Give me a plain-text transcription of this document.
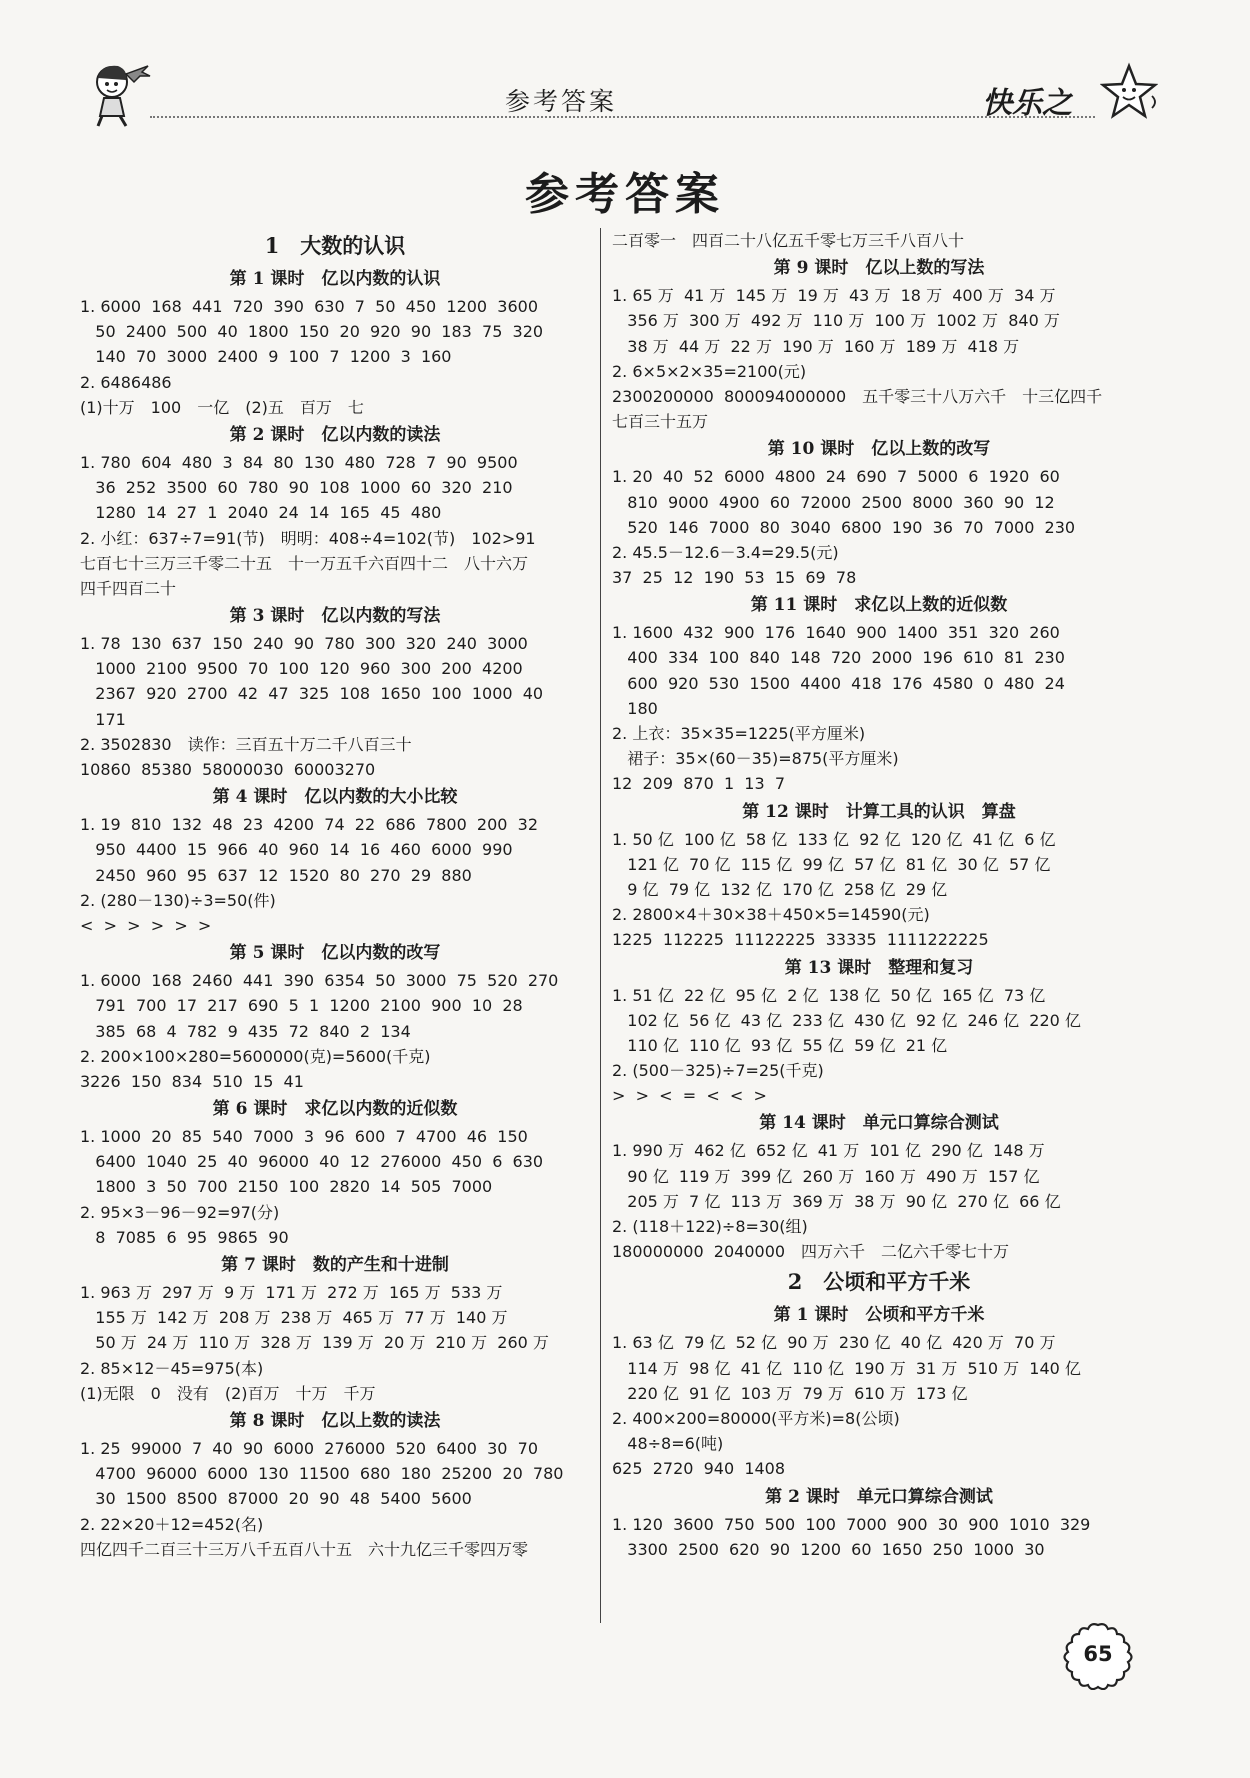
参考答案	快乐之
参考答案
1　大数的认识
第 1 课时　亿以内数的认识
1. 6000  168  441  720  390  630  7  50  450  1200  3600
50  2400  500  40  1800  150  20  920  90  183  75  320
140  70  3000  2400  9  100  7  1200  3  160
2. 6486486
(1)十万　100　一亿　(2)五　百万　七
第 2 课时　亿以内数的读法
1. 780  604  480  3  84  80  130  480  728  7  90  9500
36  252  3500  60  780  90  108  1000  60  320  210
1280  14  27  1  2040  24  14  165  45  480
2. 小红：637÷7=91(节)　明明：408÷4=102(节)　102>91
七百七十三万三千零二十五　十一万五千六百四十二　八十六万
四千四百二十
第 3 课时　亿以内数的写法
1. 78  130  637  150  240  90  780  300  320  240  3000
1000  2100  9500  70  100  120  960  300  200  4200
2367  920  2700  42  47  325  108  1650  100  1000  40
171
2. 3502830　读作：三百五十万二千八百三十
10860  85380  58000030  60003270
第 4 课时　亿以内数的大小比较
1. 19  810  132  48  23  4200  74  22  686  7800  200  32
950  4400  15  966  40  960  14  16  460  6000  990
2450  960  95  637  12  1520  80  270  29  880
2. (280－130)÷3=50(件)
<  >  >  >  >  >
第 5 课时　亿以内数的改写
1. 6000  168  2460  441  390  6354  50  3000  75  520  270
791  700  17  217  690  5  1  1200  2100  900  10  28
385  68  4  782  9  435  72  840  2  134
2. 200×100×280=5600000(克)=5600(千克)
3226  150  834  510  15  41
第 6 课时　求亿以内数的近似数
1. 1000  20  85  540  7000  3  96  600  7  4700  46  150
6400  1040  25  40  96000  40  12  276000  450  6  630
1800  3  50  700  2150  100  2820  14  505  7000
2. 95×3－96－92=97(分)
8  7085  6  95  9865  90
第 7 课时　数的产生和十进制
1. 963 万  297 万  9 万  171 万  272 万  165 万  533 万
155 万  142 万  208 万  238 万  465 万  77 万  140 万
50 万  24 万  110 万  328 万  139 万  20 万  210 万  260 万
2. 85×12－45=975(本)
(1)无限　0　没有　(2)百万　十万　千万
第 8 课时　亿以上数的读法
1. 25  99000  7  40  90  6000  276000  520  6400  30  70
4700  96000  6000  130  11500  680  180  25200  20  780
30  1500  8500  87000  20  90  48  5400  5600
2. 22×20＋12=452(名)
四亿四千二百三十三万八千五百八十五　六十九亿三千零四万零
二百零一　四百二十八亿五千零七万三千八百八十
第 9 课时　亿以上数的写法
1. 65 万  41 万  145 万  19 万  43 万  18 万  400 万  34 万
356 万  300 万  492 万  110 万  100 万  1002 万  840 万
38 万  44 万  22 万  190 万  160 万  189 万  418 万
2. 6×5×2×35=2100(元)
2300200000  800094000000　五千零三十八万六千　十三亿四千
七百三十五万
第 10 课时　亿以上数的改写
1. 20  40  52  6000  4800  24  690  7  5000  6  1920  60
810  9000  4900  60  72000  2500  8000  360  90  12
520  146  7000  80  3040  6800  190  36  70  7000  230
2. 45.5－12.6－3.4=29.5(元)
37  25  12  190  53  15  69  78
第 11 课时　求亿以上数的近似数
1. 1600  432  900  176  1640  900  1400  351  320  260
400  334  100  840  148  720  2000  196  610  81  230
600  920  530  1500  4400  418  176  4580  0  480  24
180
2. 上衣：35×35=1225(平方厘米)
裙子：35×(60－35)=875(平方厘米)
12  209  870  1  13  7
第 12 课时　计算工具的认识　算盘
1. 50 亿  100 亿  58 亿  133 亿  92 亿  120 亿  41 亿  6 亿
121 亿  70 亿  115 亿  99 亿  57 亿  81 亿  30 亿  57 亿
9 亿  79 亿  132 亿  170 亿  258 亿  29 亿
2. 2800×4＋30×38＋450×5=14590(元)
1225  112225  11122225  33335  1111222225
第 13 课时　整理和复习
1. 51 亿  22 亿  95 亿  2 亿  138 亿  50 亿  165 亿  73 亿
102 亿  56 亿  43 亿  233 亿  430 亿  92 亿  246 亿  220 亿
110 亿  110 亿  93 亿  55 亿  59 亿  21 亿
2. (500－325)÷7=25(千克)
>  >  <  =  <  <  >
第 14 课时　单元口算综合测试
1. 990 万  462 亿  652 亿  41 万  101 亿  290 亿  148 万
90 亿  119 万  399 亿  260 万  160 万  490 万  157 亿
205 万  7 亿  113 万  369 万  38 万  90 亿  270 亿  66 亿
2. (118＋122)÷8=30(组)
180000000  2040000　四万六千　二亿六千零七十万
2　公顷和平方千米
第 1 课时　公顷和平方千米
1. 63 亿  79 亿  52 亿  90 万  230 亿  40 亿  420 万  70 万
114 万  98 亿  41 亿  110 亿  190 万  31 万  510 万  140 亿
220 亿  91 亿  103 万  79 万  610 万  173 亿
2. 400×200=80000(平方米)=8(公顷)
48÷8=6(吨)
625  2720  940  1408
第 2 课时　单元口算综合测试
1. 120  3600  750  500  100  7000  900  30  900  1010  329
3300  2500  620  90  1200  60  1650  250  1000  30
65
